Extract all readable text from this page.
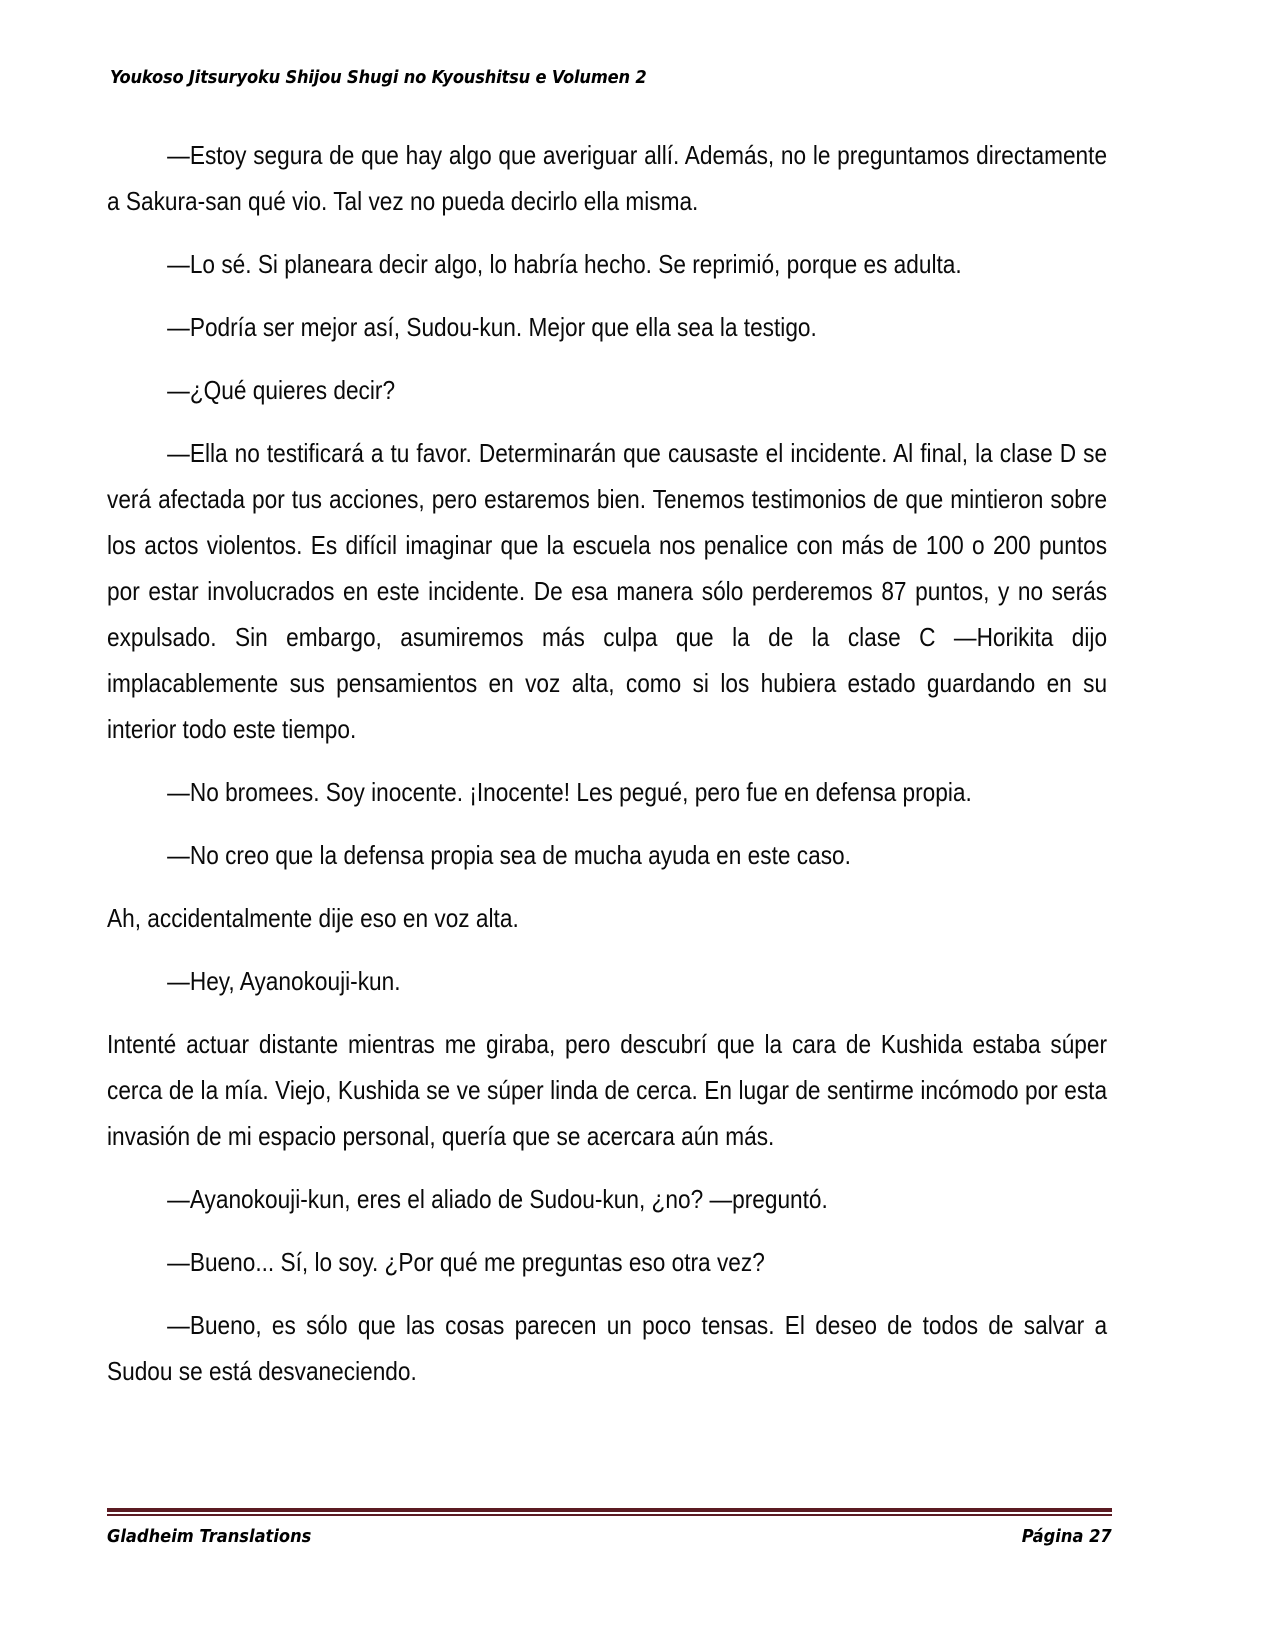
Youkoso Jitsuryoku Shijou Shugi no Kyoushitsu e Volumen 2

—Estoy segura de que hay algo que averiguar allí. Además, no le preguntamos directamente a Sakura-san qué vio. Tal vez no pueda decirlo ella misma.

—Lo sé. Si planeara decir algo, lo habría hecho. Se reprimió, porque es adulta.

—Podría ser mejor así, Sudou-kun. Mejor que ella sea la testigo.

—¿Qué quieres decir?

—Ella no testificará a tu favor. Determinarán que causaste el incidente. Al final, la clase D se verá afectada por tus acciones, pero estaremos bien. Tenemos testimonios de que mintieron sobre los actos violentos. Es difícil imaginar que la escuela nos penalice con más de 100 o 200 puntos por estar involucrados en este incidente. De esa manera sólo perderemos 87 puntos, y no serás expulsado. Sin embargo, asumiremos más culpa que la de la clase C —Horikita dijo implacablemente sus pensamientos en voz alta, como si los hubiera estado guardando en su interior todo este tiempo.

—No bromees. Soy inocente. ¡Inocente! Les pegué, pero fue en defensa propia.

—No creo que la defensa propia sea de mucha ayuda en este caso.

Ah, accidentalmente dije eso en voz alta.

—Hey, Ayanokouji-kun.

Intenté actuar distante mientras me giraba, pero descubrí que la cara de Kushida estaba súper cerca de la mía. Viejo, Kushida se ve súper linda de cerca. En lugar de sentirme incómodo por esta invasión de mi espacio personal, quería que se acercara aún más.

—Ayanokouji-kun, eres el aliado de Sudou-kun, ¿no? —preguntó.

—Bueno... Sí, lo soy. ¿Por qué me preguntas eso otra vez?

—Bueno, es sólo que las cosas parecen un poco tensas. El deseo de todos de salvar a Sudou se está desvaneciendo.

Gladheim Translations	Página 27
